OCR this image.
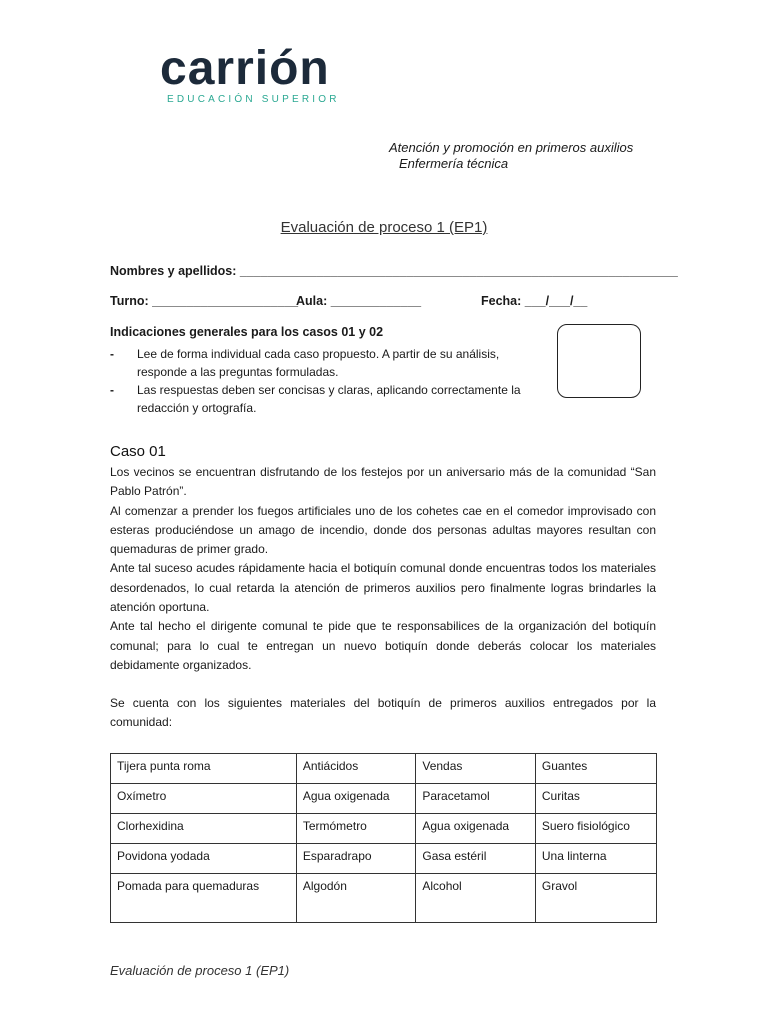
carrión
EDUCACIÓN SUPERIOR
Atención y promoción en primeros auxilios
Enfermería técnica
Evaluación de proceso 1 (EP1)
Nombres y apellidos: _______________________________________________________________
Turno: _____________________
Aula: _____________	Fecha: ___/___/__
Indicaciones generales para los casos 01 y 02
-	Lee de forma individual cada caso propuesto. A partir de su análisis, responde a las preguntas formuladas.
-	Las respuestas deben ser concisas y claras, aplicando correctamente la redacción y ortografía.
Caso 01

Los vecinos se encuentran disfrutando de los festejos por un aniversario más de la comunidad “San Pablo Patrón”.

Al comenzar a prender los fuegos artificiales uno de los cohetes cae en el comedor improvisado con esteras produciéndose un amago de incendio, donde dos personas adultas mayores resultan con quemaduras de primer grado.

Ante tal suceso acudes rápidamente hacia el botiquín comunal donde encuentras todos los materiales desordenados, lo cual retarda la atención de primeros auxilios pero finalmente logras brindarles la atención oportuna.

Ante tal hecho el dirigente comunal te pide que te responsabilices de la organización del botiquín comunal; para lo cual te entregan un nuevo botiquín donde deberás colocar los materiales debidamente organizados.

Se cuenta con los siguientes materiales del botiquín de primeros auxilios entregados por la comunidad:
Tijera punta roma	Antiácidos	Vendas	Guantes
Oxímetro	Agua oxigenada	Paracetamol	Curitas
Clorhexidina	Termómetro	Agua oxigenada	Suero fisiológico
Povidona yodada	Esparadrapo	Gasa estéril	Una linterna
Pomada para quemaduras	Algodón	Alcohol	Gravol
Evaluación de proceso 1 (EP1)
